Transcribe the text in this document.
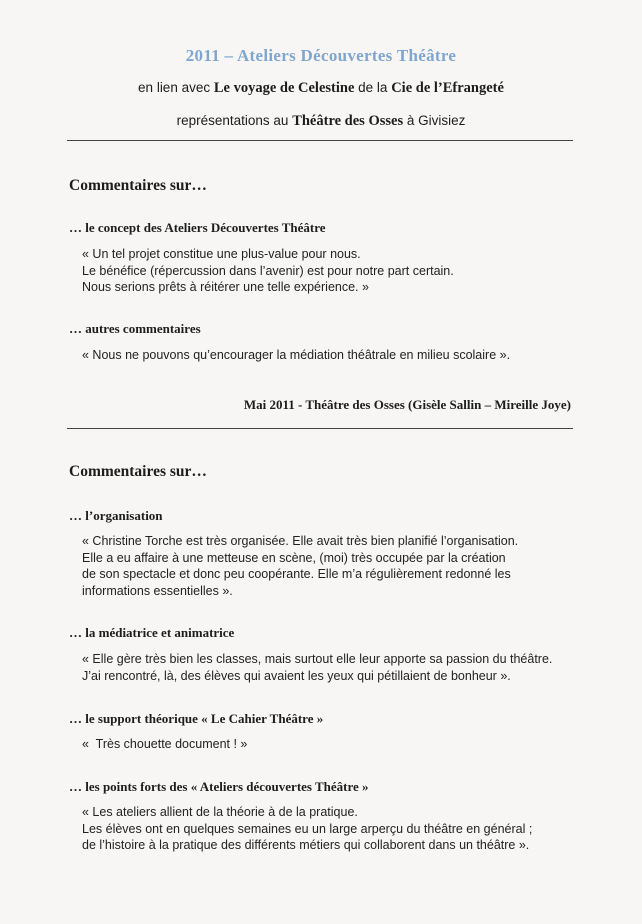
2011 – Ateliers Découvertes Théâtre
en lien avec Le voyage de Celestine de la Cie de l’Efrangeté
représentations au Théâtre des Osses à Givisiez
Commentaires sur…
… le concept des Ateliers Découvertes Théâtre
« Un tel projet constitue une plus-value pour nous.
Le bénéfice (répercussion dans l’avenir) est pour notre part certain.
Nous serions prêts à réitérer une telle expérience. »
… autres commentaires
« Nous ne pouvons qu’encourager la médiation théâtrale en milieu scolaire ».
Mai 2011 - Théâtre des Osses (Gisèle Sallin – Mireille Joye)
Commentaires sur…
… l’organisation
« Christine Torche est très organisée. Elle avait très bien planifié l’organisation.
Elle a eu affaire à une metteuse en scène, (moi) très occupée par la création
de son spectacle et donc peu coopérante. Elle m’a régulièrement redonné les
informations essentielles ».
… la médiatrice et animatrice
« Elle gère très bien les classes, mais surtout elle leur apporte sa passion du théâtre.
J’ai rencontré, là, des élèves qui avaient les yeux qui pétillaient de bonheur ».
… le support théorique « Le Cahier Théâtre »
«  Très chouette document ! »
… les points forts des « Ateliers découvertes Théâtre »
« Les ateliers allient de la théorie à de la pratique.
Les élèves ont en quelques semaines eu un large arperçu du théâtre en général ;
de l’histoire à la pratique des différents métiers qui collaborent dans un théâtre ».
